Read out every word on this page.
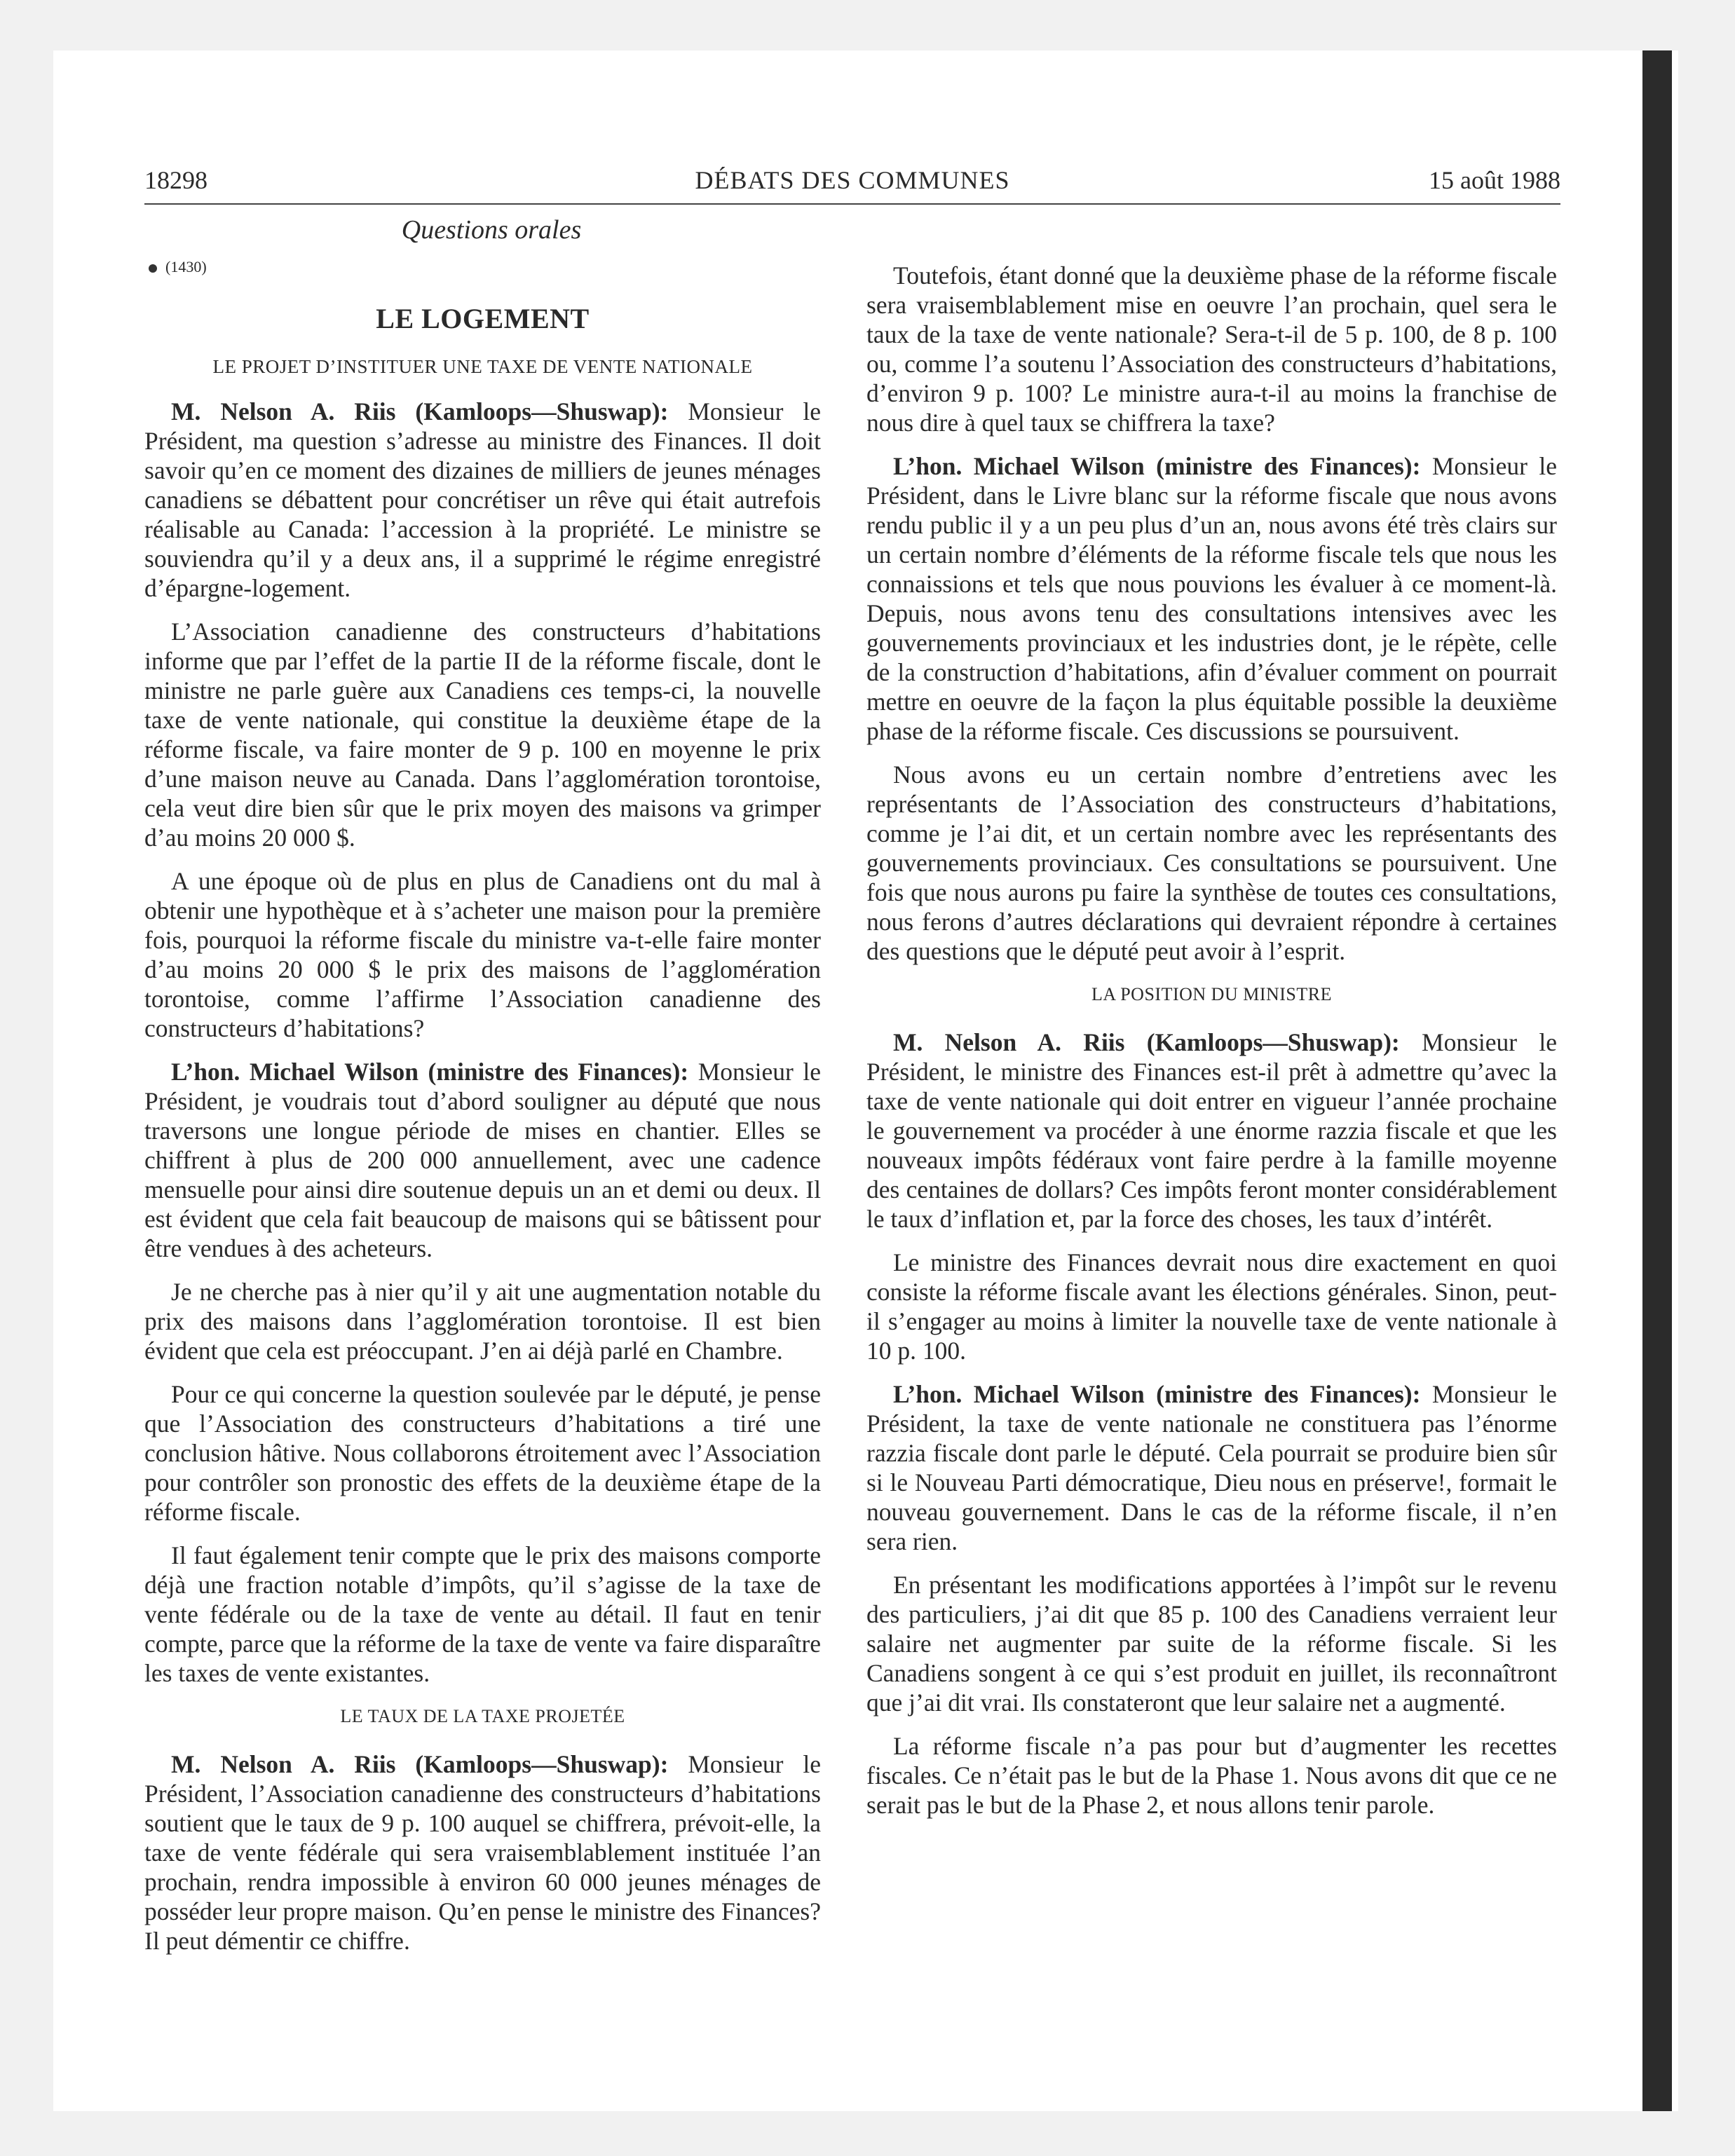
18298	DÉBATS DES COMMUNES	15 août 1988
Questions orales
(1430)
LE LOGEMENT
LE PROJET D’INSTITUER UNE TAXE DE VENTE NATIONALE

M. Nelson A. Riis (Kamloops—Shuswap): Monsieur le Président, ma question s’adresse au ministre des Finances. Il doit savoir qu’en ce moment des dizaines de milliers de jeunes ménages canadiens se débattent pour concrétiser un rêve qui était autrefois réalisable au Canada: l’accession à la propriété. Le ministre se souviendra qu’il y a deux ans, il a supprimé le régime enregistré d’épargne-logement.

L’Association canadienne des constructeurs d’habitations informe que par l’effet de la partie II de la réforme fiscale, dont le ministre ne parle guère aux Canadiens ces temps-ci, la nouvelle taxe de vente nationale, qui constitue la deuxième étape de la réforme fiscale, va faire monter de 9 p. 100 en moyenne le prix d’une maison neuve au Canada. Dans l’agglomération torontoise, cela veut dire bien sûr que le prix moyen des maisons va grimper d’au moins 20 000 $.

A une époque où de plus en plus de Canadiens ont du mal à obtenir une hypothèque et à s’acheter une maison pour la première fois, pourquoi la réforme fiscale du ministre va-t-elle faire monter d’au moins 20 000 $ le prix des maisons de l’agglomération torontoise, comme l’affirme l’Association canadienne des constructeurs d’habitations?

L’hon. Michael Wilson (ministre des Finances): Monsieur le Président, je voudrais tout d’abord souligner au député que nous traversons une longue période de mises en chantier. Elles se chiffrent à plus de 200 000 annuellement, avec une cadence mensuelle pour ainsi dire soutenue depuis un an et demi ou deux. Il est évident que cela fait beaucoup de maisons qui se bâtissent pour être vendues à des acheteurs.

Je ne cherche pas à nier qu’il y ait une augmentation notable du prix des maisons dans l’agglomération torontoise. Il est bien évident que cela est préoccupant. J’en ai déjà parlé en Chambre.

Pour ce qui concerne la question soulevée par le député, je pense que l’Association des constructeurs d’habitations a tiré une conclusion hâtive. Nous collaborons étroitement avec l’Association pour contrôler son pronostic des effets de la deuxième étape de la réforme fiscale.

Il faut également tenir compte que le prix des maisons comporte déjà une fraction notable d’impôts, qu’il s’agisse de la taxe de vente fédérale ou de la taxe de vente au détail. Il faut en tenir compte, parce que la réforme de la taxe de vente va faire disparaître les taxes de vente existantes.

LE TAUX DE LA TAXE PROJETÉE

M. Nelson A. Riis (Kamloops—Shuswap): Monsieur le Président, l’Association canadienne des constructeurs d’habitations soutient que le taux de 9 p. 100 auquel se chiffrera, prévoit-elle, la taxe de vente fédérale qui sera vraisemblablement instituée l’an prochain, rendra impossible à environ 60 000 jeunes ménages de posséder leur propre maison. Qu’en pense le ministre des Finances? Il peut démentir ce chiffre.

Toutefois, étant donné que la deuxième phase de la réforme fiscale sera vraisemblablement mise en oeuvre l’an prochain, quel sera le taux de la taxe de vente nationale? Sera-t-il de 5 p. 100, de 8 p. 100 ou, comme l’a soutenu l’Association des constructeurs d’habitations, d’environ 9 p. 100? Le ministre aura-t-il au moins la franchise de nous dire à quel taux se chiffrera la taxe?

L’hon. Michael Wilson (ministre des Finances): Monsieur le Président, dans le Livre blanc sur la réforme fiscale que nous avons rendu public il y a un peu plus d’un an, nous avons été très clairs sur un certain nombre d’éléments de la réforme fiscale tels que nous les connaissions et tels que nous pouvions les évaluer à ce moment-là. Depuis, nous avons tenu des consultations intensives avec les gouvernements provinciaux et les industries dont, je le répète, celle de la construction d’habitations, afin d’évaluer comment on pourrait mettre en oeuvre de la façon la plus équitable possible la deuxième phase de la réforme fiscale. Ces discussions se poursuivent.

Nous avons eu un certain nombre d’entretiens avec les représentants de l’Association des constructeurs d’habitations, comme je l’ai dit, et un certain nombre avec les représentants des gouvernements provinciaux. Ces consultations se poursuivent. Une fois que nous aurons pu faire la synthèse de toutes ces consultations, nous ferons d’autres déclarations qui devraient répondre à certaines des questions que le député peut avoir à l’esprit.

LA POSITION DU MINISTRE

M. Nelson A. Riis (Kamloops—Shuswap): Monsieur le Président, le ministre des Finances est-il prêt à admettre qu’avec la taxe de vente nationale qui doit entrer en vigueur l’année prochaine le gouvernement va procéder à une énorme razzia fiscale et que les nouveaux impôts fédéraux vont faire perdre à la famille moyenne des centaines de dollars? Ces impôts feront monter considérablement le taux d’inflation et, par la force des choses, les taux d’intérêt.

Le ministre des Finances devrait nous dire exactement en quoi consiste la réforme fiscale avant les élections générales. Sinon, peut-il s’engager au moins à limiter la nouvelle taxe de vente nationale à 10 p. 100.

L’hon. Michael Wilson (ministre des Finances): Monsieur le Président, la taxe de vente nationale ne constituera pas l’énorme razzia fiscale dont parle le député. Cela pourrait se produire bien sûr si le Nouveau Parti démocratique, Dieu nous en préserve!, formait le nouveau gouvernement. Dans le cas de la réforme fiscale, il n’en sera rien.

En présentant les modifications apportées à l’impôt sur le revenu des particuliers, j’ai dit que 85 p. 100 des Canadiens verraient leur salaire net augmenter par suite de la réforme fiscale. Si les Canadiens songent à ce qui s’est produit en juillet, ils reconnaîtront que j’ai dit vrai. Ils constateront que leur salaire net a augmenté.

La réforme fiscale n’a pas pour but d’augmenter les recettes fiscales. Ce n’était pas le but de la Phase 1. Nous avons dit que ce ne serait pas le but de la Phase 2, et nous allons tenir parole.
